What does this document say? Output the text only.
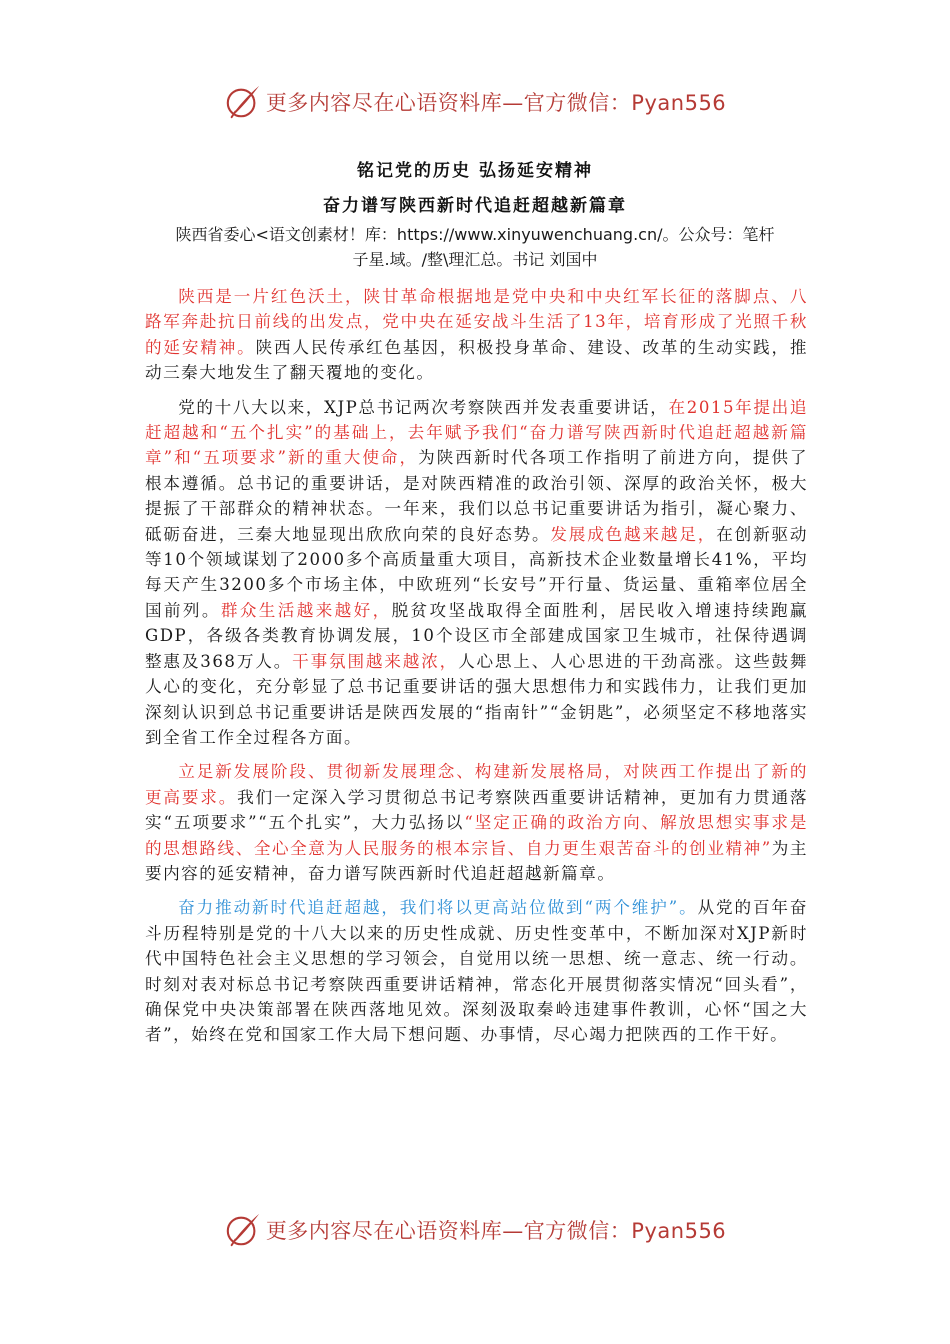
更多内容尽在心语资料库—官方微信：Pyan556
铭记党的历史 弘扬延安精神
奋力谱写陕西新时代追赶超越新篇章
陕西省委心<语文创素材！库：https://www.xinyuwenchuang.cn/。公众号：笔杆
子星.域。/整\理汇总。书记 刘国中

陕西是一片红色沃土，陕甘革命根据地是党中央和中央红军长征的落脚点、八路军奔赴抗日前线的出发点，党中央在延安战斗生活了13年，培育形成了光照千秋的延安精神。陕西人民传承红色基因，积极投身革命、建设、改革的生动实践，推动三秦大地发生了翻天覆地的变化。

党的十八大以来，XJP总书记两次考察陕西并发表重要讲话，在2015年提出追赶超越和“五个扎实”的基础上，去年赋予我们“奋力谱写陕西新时代追赶超越新篇章”和“五项要求”新的重大使命，为陕西新时代各项工作指明了前进方向，提供了根本遵循。总书记的重要讲话，是对陕西精准的政治引领、深厚的政治关怀，极大提振了干部群众的精神状态。一年来，我们以总书记重要讲话为指引，凝心聚力、砥砺奋进，三秦大地显现出欣欣向荣的良好态势。发展成色越来越足，在创新驱动等10个领域谋划了2000多个高质量重大项目，高新技术企业数量增长41%，平均每天产生3200多个市场主体，中欧班列“长安号”开行量、货运量、重箱率位居全国前列。群众生活越来越好，脱贫攻坚战取得全面胜利，居民收入增速持续跑赢GDP，各级各类教育协调发展，10个设区市全部建成国家卫生城市，社保待遇调整惠及368万人。干事氛围越来越浓，人心思上、人心思进的干劲高涨。这些鼓舞人心的变化，充分彰显了总书记重要讲话的强大思想伟力和实践伟力，让我们更加深刻认识到总书记重要讲话是陕西发展的“指南针”“金钥匙”，必须坚定不移地落实到全省工作全过程各方面。

立足新发展阶段、贯彻新发展理念、构建新发展格局，对陕西工作提出了新的更高要求。我们一定深入学习贯彻总书记考察陕西重要讲话精神，更加有力贯通落实“五项要求”“五个扎实”，大力弘扬以“坚定正确的政治方向、解放思想实事求是的思想路线、全心全意为人民服务的根本宗旨、自力更生艰苦奋斗的创业精神”为主要内容的延安精神，奋力谱写陕西新时代追赶超越新篇章。

奋力推动新时代追赶超越，我们将以更高站位做到“两个维护”。从党的百年奋斗历程特别是党的十八大以来的历史性成就、历史性变革中，不断加深对XJP新时代中国特色社会主义思想的学习领会，自觉用以统一思想、统一意志、统一行动。时刻对表对标总书记考察陕西重要讲话精神，常态化开展贯彻落实情况“回头看”，确保党中央决策部署在陕西落地见效。深刻汲取秦岭违建事件教训，心怀“国之大者”，始终在党和国家工作大局下想问题、办事情，尽心竭力把陕西的工作干好。

更多内容尽在心语资料库—官方微信：Pyan556
